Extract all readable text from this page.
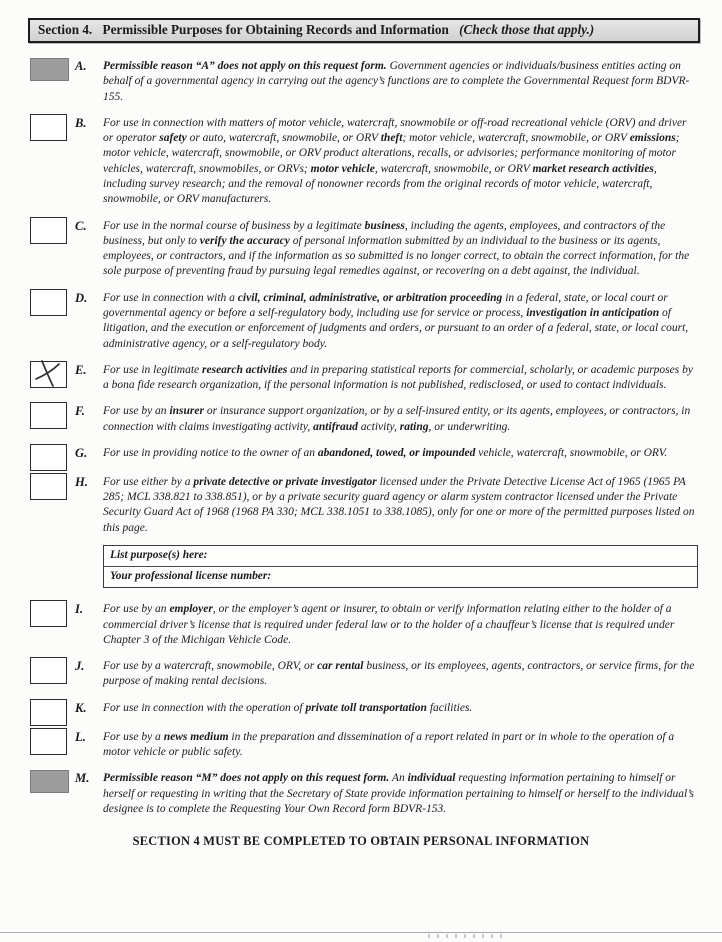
Section 4. Permissible Purposes for Obtaining Records and Information (Check those that apply.)
A.	Permissible reason “A” does not apply on this request form. Government agencies or individuals/business entities acting on behalf of a governmental agency in carrying out the agency’s functions are to complete the Governmental Request form BDVR-155.
B.	For use in connection with matters of motor vehicle, watercraft, snowmobile or off-road recreational vehicle (ORV) and driver or operator safety or auto, watercraft, snowmobile, or ORV theft; motor vehicle, watercraft, snowmobile, or ORV emissions; motor vehicle, watercraft, snowmobile, or ORV product alterations, recalls, or advisories; performance monitoring of motor vehicles, watercraft, snowmobiles, or ORVs; motor vehicle, watercraft, snowmobile, or ORV market research activities, including survey research; and the removal of nonowner records from the original records of motor vehicle, watercraft, snowmobile, or ORV manufacturers.
C.	For use in the normal course of business by a legitimate business, including the agents, employees, and contractors of the business, but only to verify the accuracy of personal information submitted by an individual to the business or its agents, employees, or contractors, and if the information as so submitted is no longer correct, to obtain the correct information, for the sole purpose of preventing fraud by pursuing legal remedies against, or recovering on a debt against, the individual.
D.	For use in connection with a civil, criminal, administrative, or arbitration proceeding in a federal, state, or local court or governmental agency or before a self-regulatory body, including use for service or process, investigation in anticipation of litigation, and the execution or enforcement of judgments and orders, or pursuant to an order of a federal, state, or local court, administrative agency, or a self-regulatory body.
E.	For use in legitimate research activities and in preparing statistical reports for commercial, scholarly, or academic purposes by a bona fide research organization, if the personal information is not published, redisclosed, or used to contact individuals.
F.	For use by an insurer or insurance support organization, or by a self-insured entity, or its agents, employees, or contractors, in connection with claims investigating activity, antifraud activity, rating, or underwriting.
G.	For use in providing notice to the owner of an abandoned, towed, or impounded vehicle, watercraft, snowmobile, or ORV.
H.	For use either by a private detective or private investigator licensed under the Private Detective License Act of 1965 (1965 PA 285; MCL 338.821 to 338.851), or by a private security guard agency or alarm system contractor licensed under the Private Security Guard Act of 1968 (1968 PA 330; MCL 338.1051 to 338.1085), only for one or more of the permitted purposes listed on this page.
List purpose(s) here:
Your professional license number:
I.	For use by an employer, or the employer’s agent or insurer, to obtain or verify information relating either to the holder of a commercial driver’s license that is required under federal law or to the holder of a chauffeur’s license that is required under Chapter 3 of the Michigan Vehicle Code.
J.	For use by a watercraft, snowmobile, ORV, or car rental business, or its employees, agents, contractors, or service firms, for the purpose of making rental decisions.
K.	For use in connection with the operation of private toll transportation facilities.
L.	For use by a news medium in the preparation and dissemination of a report related in part or in whole to the operation of a motor vehicle or public safety.
M.	Permissible reason “M” does not apply on this request form. An individual requesting information pertaining to himself or herself or requesting in writing that the Secretary of State provide information pertaining to himself or herself to the individual’s designee is to complete the Requesting Your Own Record form BDVR-153.
SECTION 4 MUST BE COMPLETED TO OBTAIN PERSONAL INFORMATION
